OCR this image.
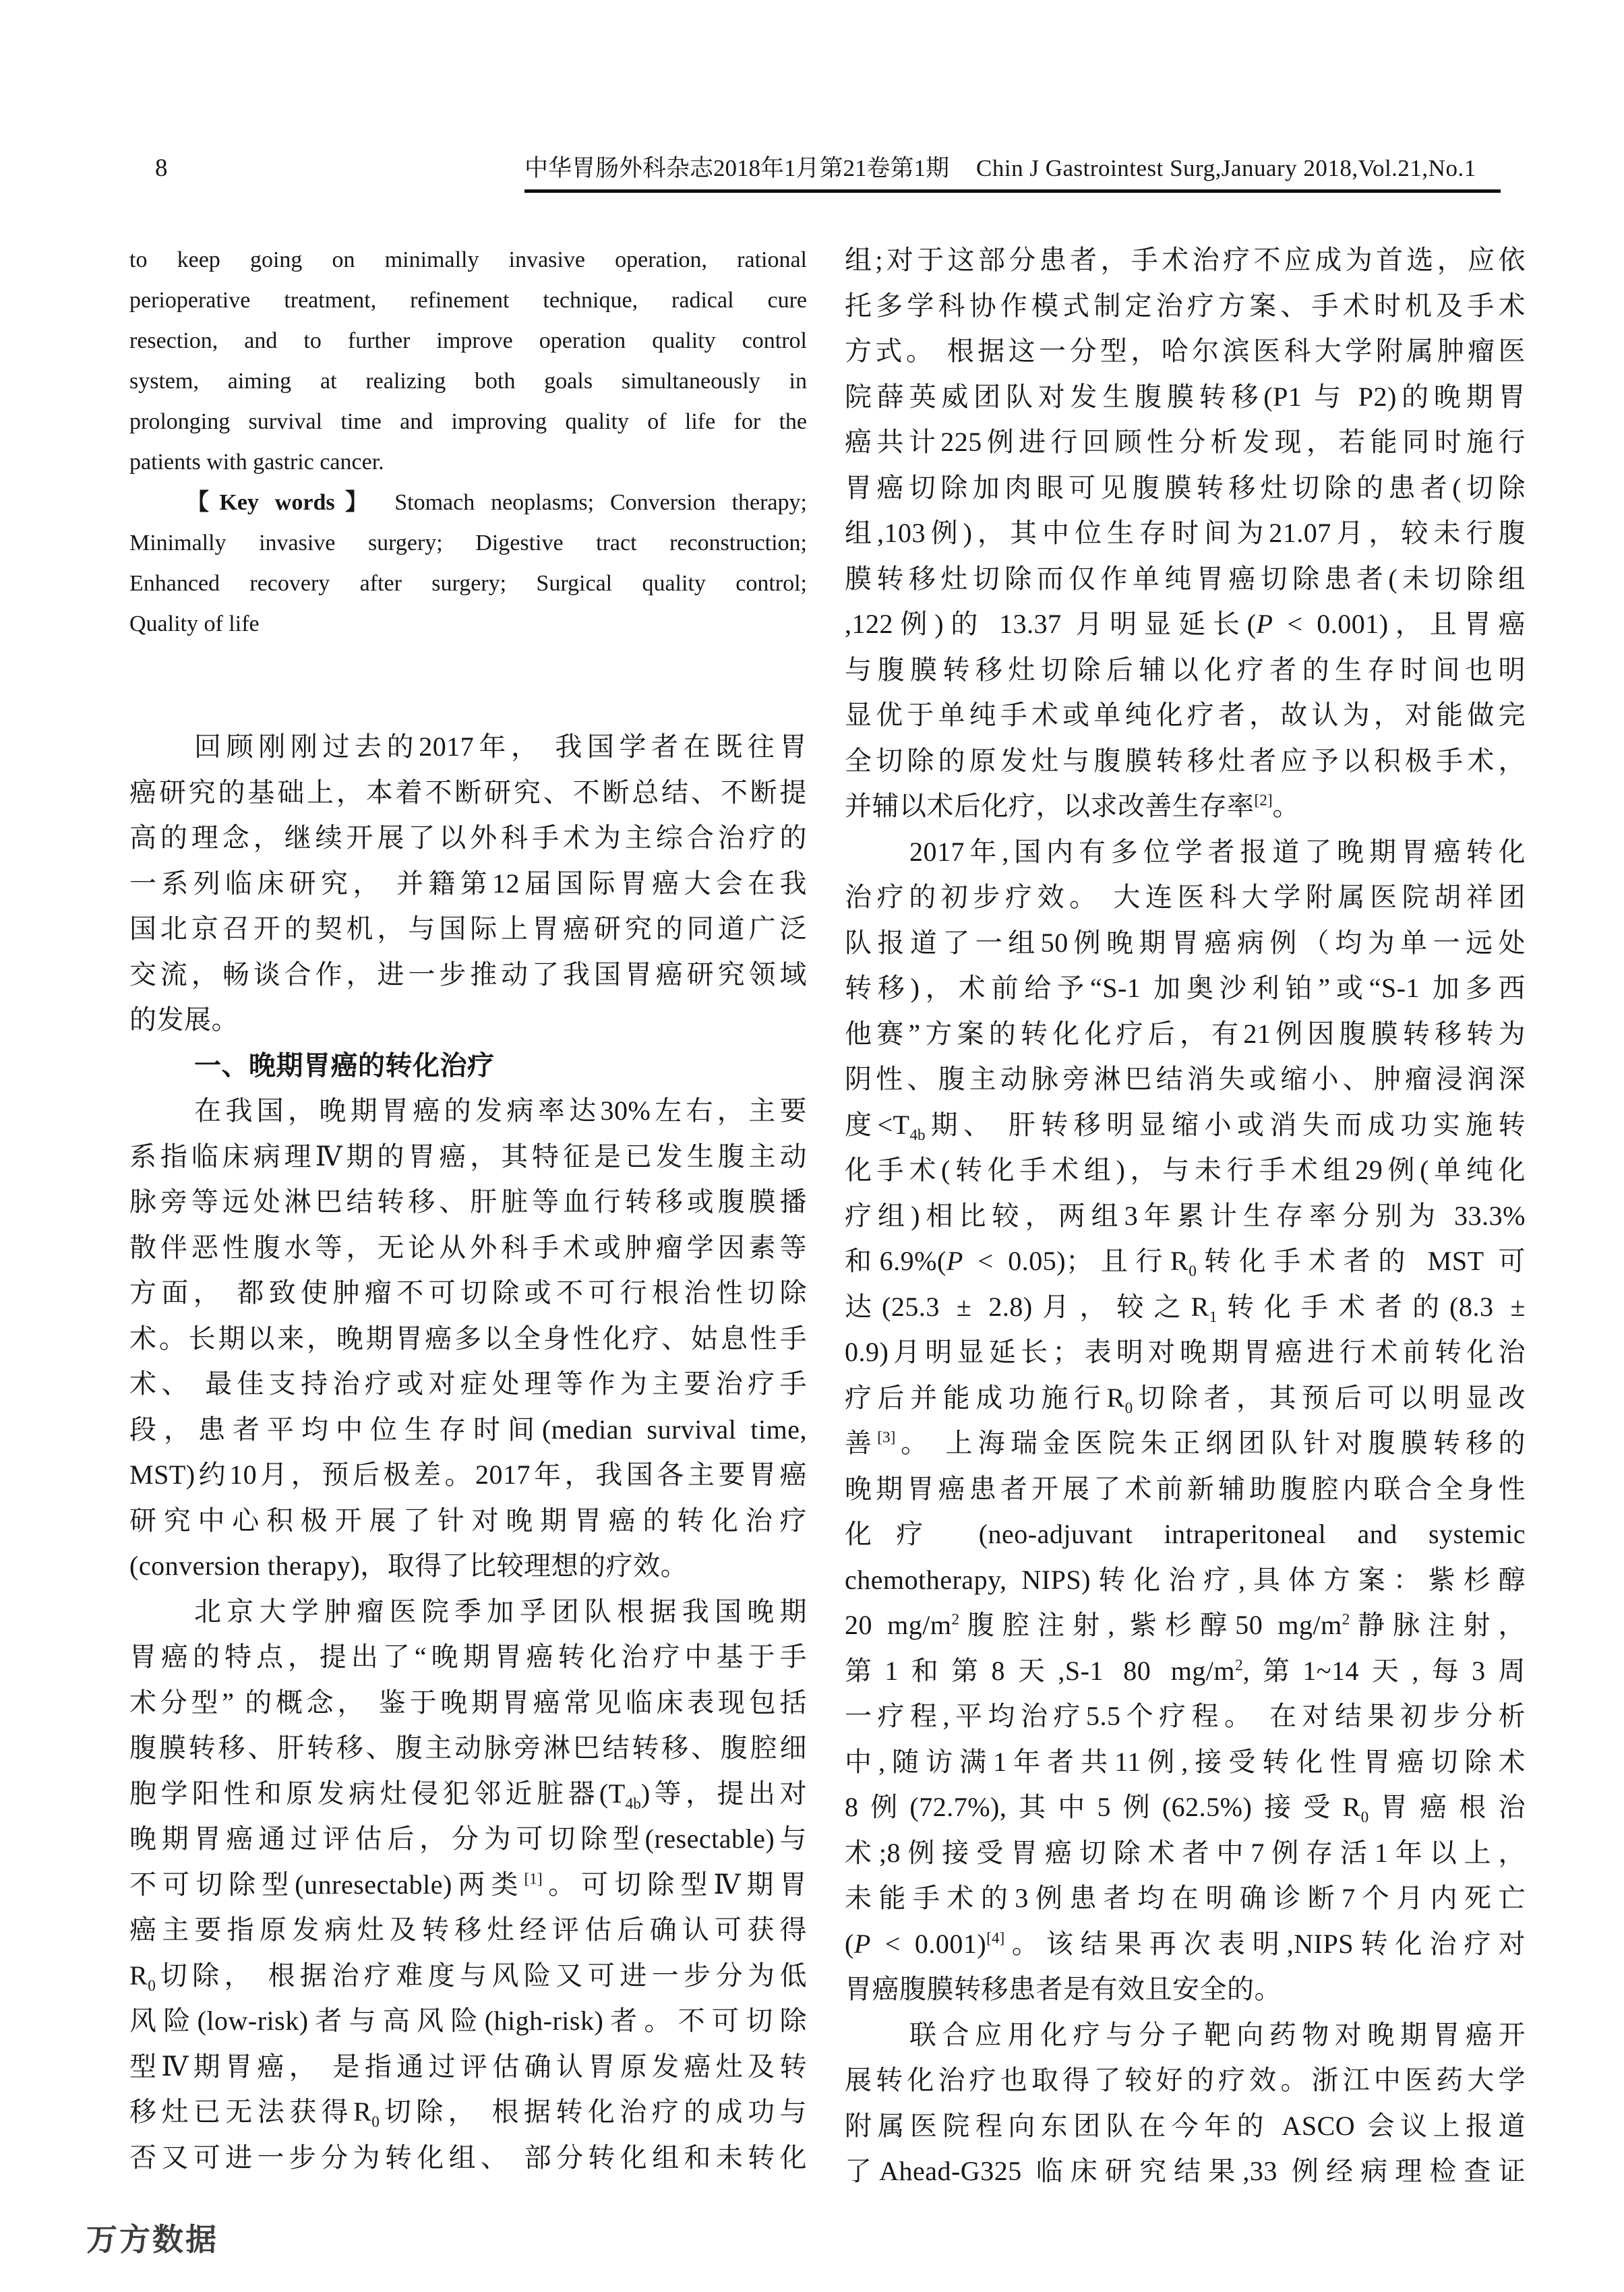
8	中华胃肠外科杂志2018年1月第21卷第1期 Chin J Gastrointest Surg,January 2018,Vol.21,No.1
to keep going on minimally invasive operation, rational
perioperative treatment, refinement technique, radical cure
resection, and to further improve operation quality control
system, aiming at realizing both goals simultaneously in
prolonging survival time and improving quality of life for the
patients with gastric cancer.
【Key words】 Stomach neoplasms; Conversion therapy;
Minimally invasive surgery; Digestive tract reconstruction;
Enhanced recovery after surgery; Surgical quality control;
Quality of life
回顾刚刚过去的2017年， 我国学者在既往胃
癌研究的基础上，本着不断研究、不断总结、不断提
高的理念，继续开展了以外科手术为主综合治疗的
一系列临床研究， 并籍第12届国际胃癌大会在我
国北京召开的契机，与国际上胃癌研究的同道广泛
交流，畅谈合作，进一步推动了我国胃癌研究领域
的发展。
一、晚期胃癌的转化治疗
在我国，晚期胃癌的发病率达30%左右，主要
系指临床病理Ⅳ期的胃癌，其特征是已发生腹主动
脉旁等远处淋巴结转移、肝脏等血行转移或腹膜播
散伴恶性腹水等，无论从外科手术或肿瘤学因素等
方面， 都致使肿瘤不可切除或不可行根治性切除
术。长期以来，晚期胃癌多以全身性化疗、姑息性手
术、 最佳支持治疗或对症处理等作为主要治疗手
段，患者平均中位生存时间(median survival time,
MST)约10月，预后极差。2017年，我国各主要胃癌
研究中心积极开展了针对晚期胃癌的转化治疗
(conversion therapy)，取得了比较理想的疗效。
北京大学肿瘤医院季加孚团队根据我国晚期
胃癌的特点，提出了“晚期胃癌转化治疗中基于手
术分型” 的概念， 鉴于晚期胃癌常见临床表现包括
腹膜转移、肝转移、腹主动脉旁淋巴结转移、腹腔细
胞学阳性和原发病灶侵犯邻近脏器$(T_{4b})$等，提出对
晚期胃癌通过评估后，分为可切除型(resectable)与
不可切除型(unresectable)两类[1]。可切除型Ⅳ期胃
癌主要指原发病灶及转移灶经评估后确认可获得
$R_0$切除， 根据治疗难度与风险又可进一步分为低
风险(low-risk)者与高风险(high-risk)者。不可切除
型Ⅳ期胃癌， 是指通过评估确认胃原发癌灶及转
移灶已无法获得$R_0$切除， 根据转化治疗的成功与
否又可进一步分为转化组、 部分转化组和未转化
组;对于这部分患者，手术治疗不应成为首选，应依
托多学科协作模式制定治疗方案、手术时机及手术
方式。 根据这一分型，哈尔滨医科大学附属肿瘤医
院薛英威团队对发生腹膜转移(P1 与 P2)的晚期胃
癌共计225例进行回顾性分析发现，若能同时施行
胃癌切除加肉眼可见腹膜转移灶切除的患者(切除
组,103例)，其中位生存时间为21.07月，较未行腹
膜转移灶切除而仅作单纯胃癌切除患者(未切除组
,122例)的 13.37 月明显延长(P < 0.001)，且胃癌
与腹膜转移灶切除后辅以化疗者的生存时间也明
显优于单纯手术或单纯化疗者，故认为，对能做完
全切除的原发灶与腹膜转移灶者应予以积极手术，
并辅以术后化疗，以求改善生存率[2]。
2017年,国内有多位学者报道了晚期胃癌转化
治疗的初步疗效。 大连医科大学附属医院胡祥团
队报道了一组50例晚期胃癌病例（均为单一远处
转移)，术前给予“S-1 加奥沙利铂”或“S-1 加多西
他赛”方案的转化化疗后，有21例因腹膜转移转为
阴性、腹主动脉旁淋巴结消失或缩小、肿瘤浸润深
度$<T_{4b}$期、 肝转移明显缩小或消失而成功实施转
化手术(转化手术组)，与未行手术组29例(单纯化
疗组)相比较，两组3年累计生存率分别为 33.3%
和6.9%(P < 0.05)；且行$R_0$转化手术者的 MST 可
达(25.3 ± 2.8)月，较之$R_1$转化手术者的(8.3 ±
0.9)月明显延长；表明对晚期胃癌进行术前转化治
疗后并能成功施行$R_0$切除者，其预后可以明显改
善[3]。 上海瑞金医院朱正纲团队针对腹膜转移的
晚期胃癌患者开展了术前新辅助腹腔内联合全身性
化疗 (neo-adjuvant intraperitoneal and systemic
chemotherapy, NIPS)转化治疗,具体方案：紫杉醇
20 $mg/m^2$腹腔注射, 紫杉醇50 $mg/m^2$静脉注射，
第1和第8天,S-1 80 $mg/m^2$,第1~14天,每3周
一疗程,平均治疗5.5个疗程。 在对结果初步分析
中,随访满1年者共11例,接受转化性胃癌切除术
8例(72.7%),其中5例(62.5%)接受$R_0$胃癌根治
术;8例接受胃癌切除术者中7例存活1年以上，
未能手术的3例患者均在明确诊断7个月内死亡
(P < 0.001)[4]。该结果再次表明,NIPS转化治疗对
胃癌腹膜转移患者是有效且安全的。
联合应用化疗与分子靶向药物对晚期胃癌开
展转化治疗也取得了较好的疗效。浙江中医药大学
附属医院程向东团队在今年的 ASCO 会议上报道
了Ahead-G325 临床研究结果,33 例经病理检查证
万方数据
